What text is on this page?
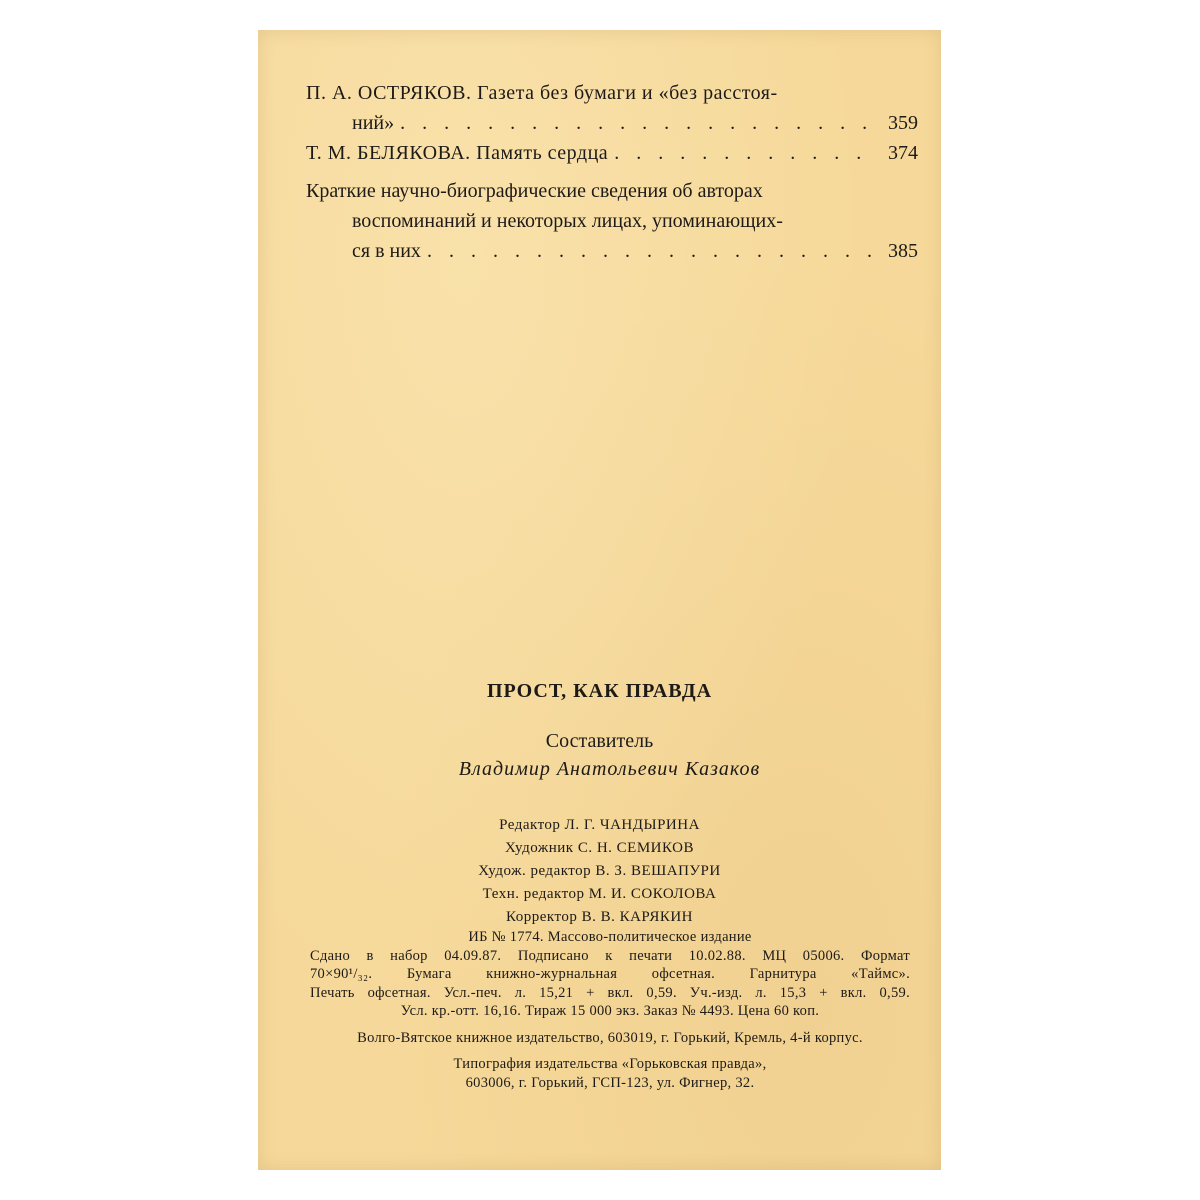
П. А. ОСТРЯКОВ. Газета без бумаги и «без расстоя-
ний» . . .	359
Т. М. БЕЛЯКОВА. Память сердца . . .	374
Краткие научно-биографические сведения об авторах
воспоминаний и некоторых лицах, упоминающих-
ся в них . . .	385
ПРОСТ, КАК ПРАВДА
Составитель
Владимир Анатольевич Казаков
Редактор Л. Г. ЧАНДЫРИНА
Художник С. Н. СЕМИКОВ
Худож. редактор В. З. ВЕШАПУРИ
Техн. редактор М. И. СОКОЛОВА
Корректор В. В. КАРЯКИН
ИБ № 1774. Массово-политическое издание
Сдано в набор 04.09.87. Подписано к печати 10.02.88. МЦ 05006. Формат
70×90¹/₃₂. Бумага книжно-журнальная офсетная. Гарнитура «Таймс».
Печать офсетная. Усл.-печ. л. 15,21 + вкл. 0,59. Уч.-изд. л. 15,3 + вкл. 0,59.
Усл. кр.-отт. 16,16. Тираж 15 000 экз. Заказ № 4493. Цена 60 коп.
Волго-Вятское книжное издательство, 603019, г. Горький, Кремль, 4-й корпус.
Типография издательства «Горьковская правда»,
603006, г. Горький, ГСП-123, ул. Фигнер, 32.
